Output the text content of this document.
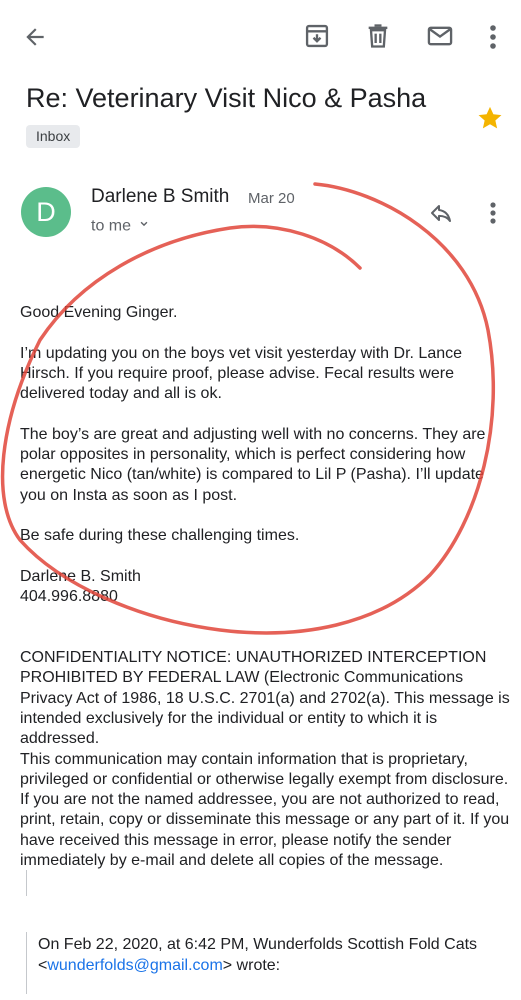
Re: Veterinary Visit Nico & Pasha
Inbox
D
Darlene B Smith Mar 20
to me

Good Evening Ginger.

I’m updating you on the boys vet visit yesterday with Dr. Lance Hirsch. If you require proof, please advise. Fecal results were delivered today and all is ok.

The boy’s are great and adjusting well with no concerns. They are polar opposites in personality, which is perfect considering how energetic Nico (tan/white) is compared to Lil P (Pasha). I’ll update you on Insta as soon as I post.

Be safe during these challenging times.

Darlene B. Smith

404.996.8880

CONFIDENTIALITY NOTICE: UNAUTHORIZED INTERCEPTION PROHIBITED BY FEDERAL LAW (Electronic Communications Privacy Act of 1986, 18 U.S.C. 2701(a) and 2702(a). This message is intended exclusively for the individual or entity to which it is addressed.

This communication may contain information that is proprietary, privileged or confidential or otherwise legally exempt from disclosure. If you are not the named addressee, you are not authorized to read, print, retain, copy or disseminate this message or any part of it. If you have received this message in error, please notify the sender immediately by e-mail and delete all copies of the message.

On Feb 22, 2020, at 6:42 PM, Wunderfolds Scottish Fold Cats <wunderfolds@gmail.com> wrote:
